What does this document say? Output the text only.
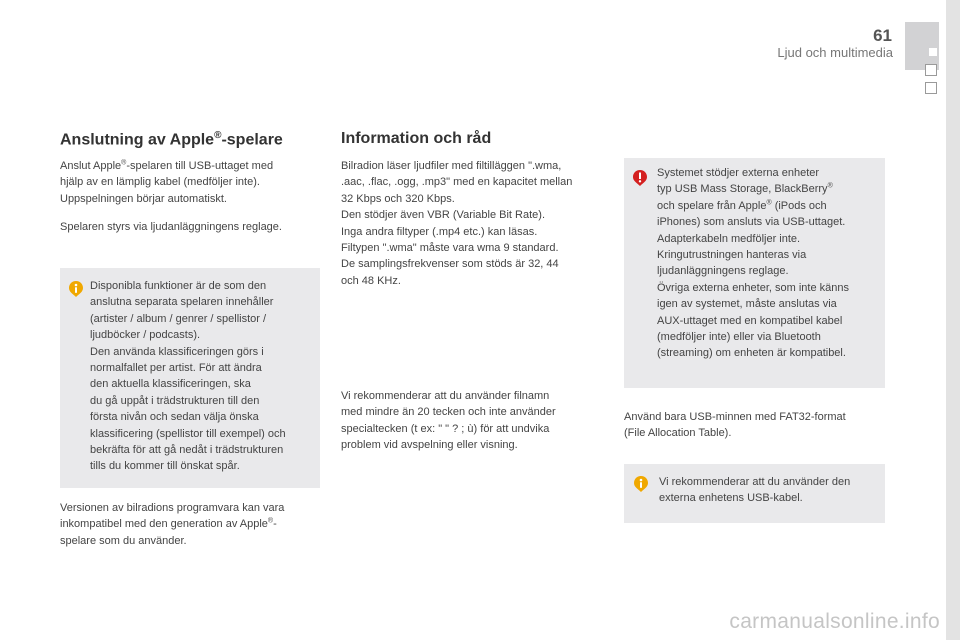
61
Ljud och multimedia
Anslutning av Apple®-spelare
Anslut Apple®-spelaren till USB-uttaget med
hjälp av en lämplig kabel (medföljer inte).
Uppspelningen börjar automatiskt.
Spelaren styrs via ljudanläggningens reglage.
Disponibla funktioner är de som den
anslutna separata spelaren innehåller
(artister / album / genrer / spellistor /
ljudböcker / podcasts).
Den använda klassificeringen görs i
normalfallet per artist. För att ändra
den aktuella klassificeringen, ska
du gå uppåt i trädstrukturen till den
första nivån och sedan välja önska
klassificering (spellistor till exempel) och
bekräfta för att gå nedåt i trädstrukturen
tills du kommer till önskat spår.
Versionen av bilradions programvara kan vara
inkompatibel med den generation av Apple®-
spelare som du använder.
Information och råd
Bilradion läser ljudfiler med filtilläggen ".wma,
.aac, .flac, .ogg, .mp3" med en kapacitet mellan
32 Kbps och 320 Kbps.
Den stödjer även VBR (Variable Bit Rate).
Inga andra filtyper (.mp4 etc.) kan läsas.
Filtypen ".wma" måste vara wma 9 standard.
De samplingsfrekvenser som stöds är 32, 44
och 48 KHz.
Vi rekommenderar att du använder filnamn
med mindre än 20 tecken och inte använder
specialtecken (t ex: " " ? ; ù) för att undvika
problem vid avspelning eller visning.
Systemet stödjer externa enheter
typ USB Mass Storage, BlackBerry®
och spelare från Apple® (iPods och
iPhones) som ansluts via USB-uttaget.
Adapterkabeln medföljer inte.
Kringutrustningen hanteras via
ljudanläggningens reglage.
Övriga externa enheter, som inte känns
igen av systemet, måste anslutas via
AUX-uttaget med en kompatibel kabel
(medföljer inte) eller via Bluetooth
(streaming) om enheten är kompatibel.
Använd bara USB-minnen med FAT32-format
(File Allocation Table).
Vi rekommenderar att du använder den
externa enhetens USB-kabel.
carmanualsonline.info
